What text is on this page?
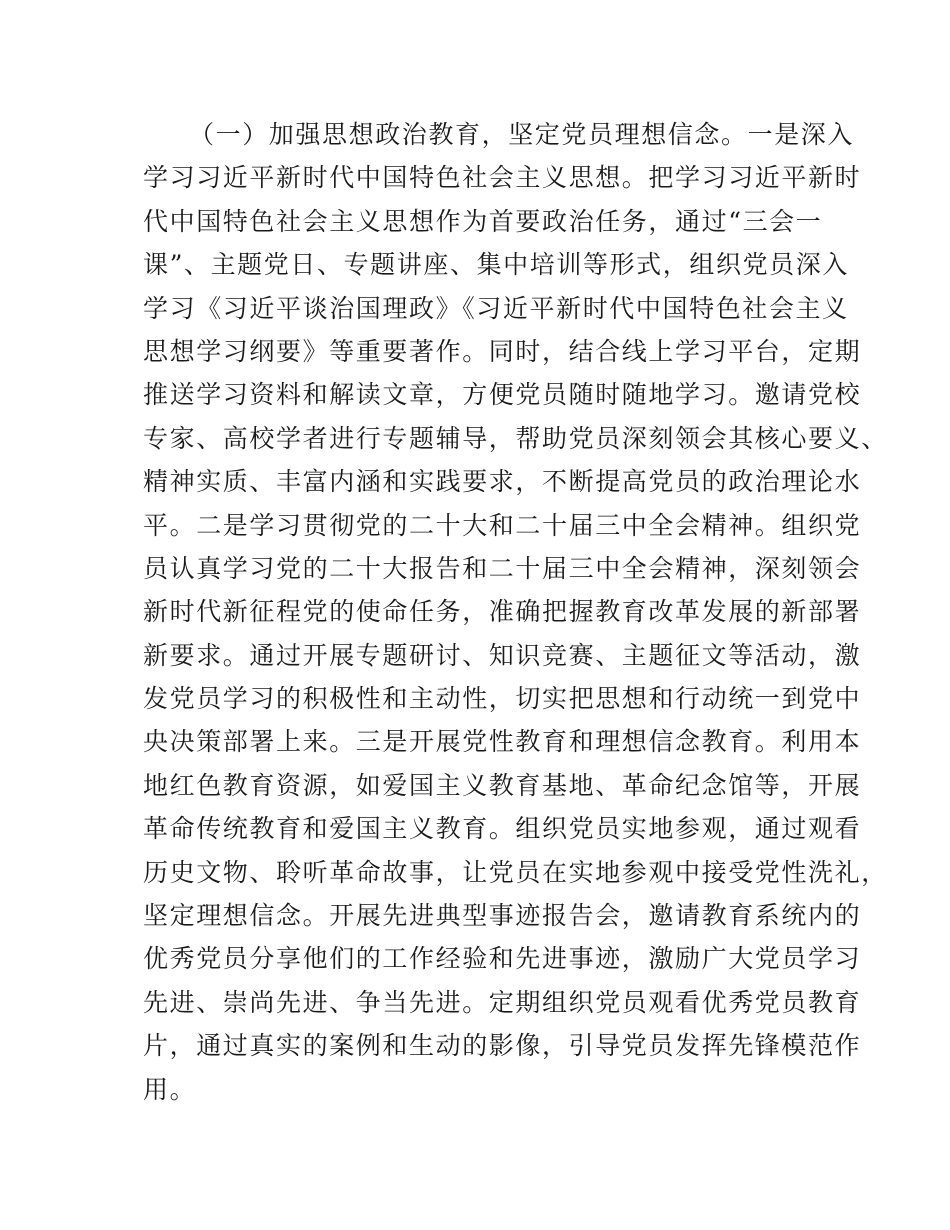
（一）加强思想政治教育，坚定党员理想信念。一是深入
学习习近平新时代中国特色社会主义思想。把学习习近平新时
代中国特色社会主义思想作为首要政治任务，通过“三会一
课”、主题党日、专题讲座、集中培训等形式，组织党员深入
学习《习近平谈治国理政》《习近平新时代中国特色社会主义
思想学习纲要》等重要著作。同时，结合线上学习平台，定期
推送学习资料和解读文章，方便党员随时随地学习。邀请党校
专家、高校学者进行专题辅导，帮助党员深刻领会其核心要义、
精神实质、丰富内涵和实践要求，不断提高党员的政治理论水
平。二是学习贯彻党的二十大和二十届三中全会精神。组织党
员认真学习党的二十大报告和二十届三中全会精神，深刻领会
新时代新征程党的使命任务，准确把握教育改革发展的新部署
新要求。通过开展专题研讨、知识竞赛、主题征文等活动，激
发党员学习的积极性和主动性，切实把思想和行动统一到党中
央决策部署上来。三是开展党性教育和理想信念教育。利用本
地红色教育资源，如爱国主义教育基地、革命纪念馆等，开展
革命传统教育和爱国主义教育。组织党员实地参观，通过观看
历史文物、聆听革命故事，让党员在实地参观中接受党性洗礼，
坚定理想信念。开展先进典型事迹报告会，邀请教育系统内的
优秀党员分享他们的工作经验和先进事迹，激励广大党员学习
先进、崇尚先进、争当先进。定期组织党员观看优秀党员教育
片，通过真实的案例和生动的影像，引导党员发挥先锋模范作
用。
